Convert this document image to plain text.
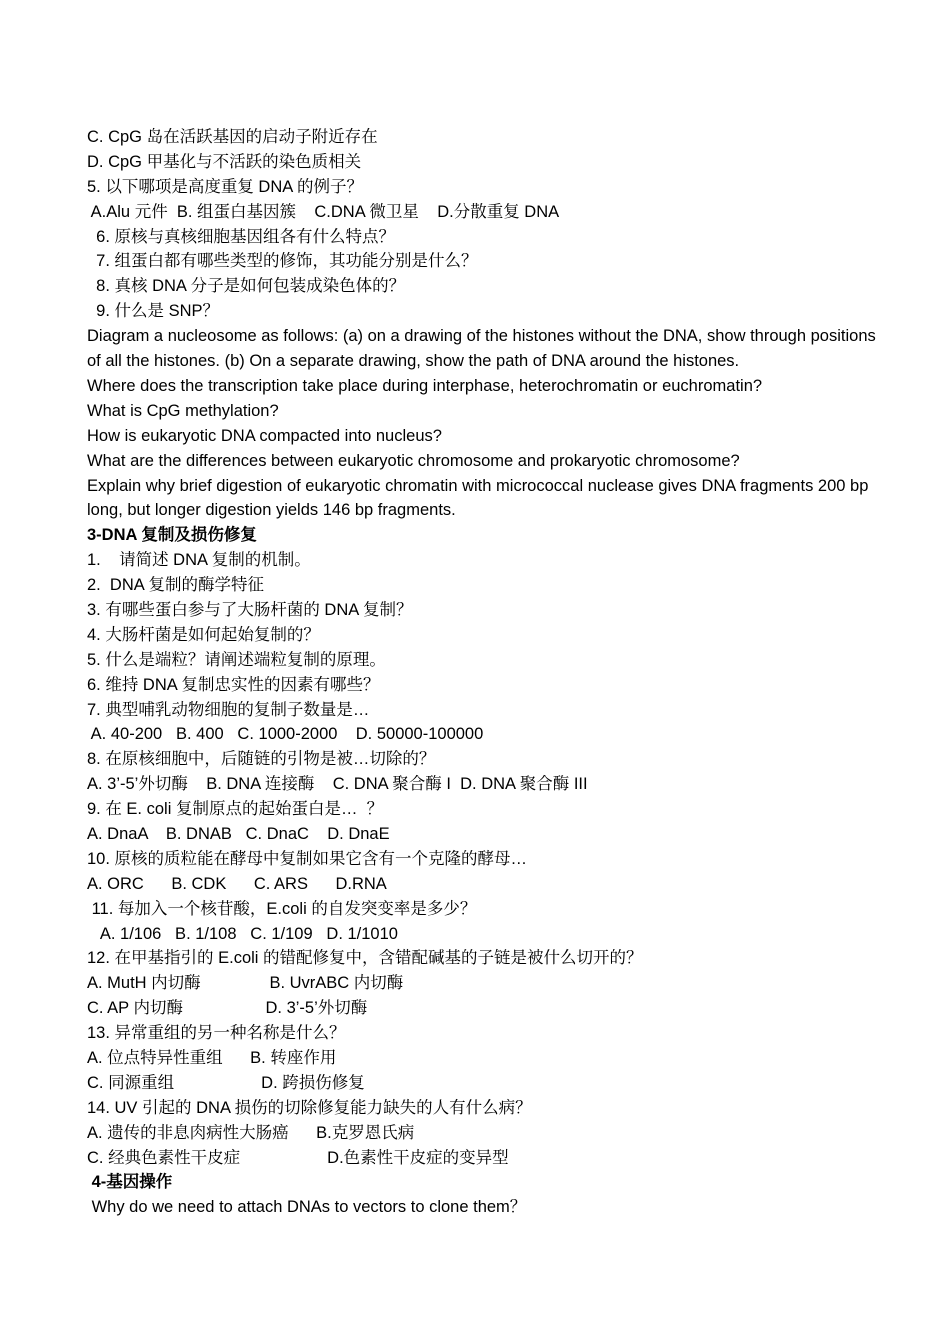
C. CpG 岛在活跃基因的启动子附近存在
D. CpG 甲基化与不活跃的染色质相关
5. 以下哪项是高度重复 DNA 的例子？
A.Alu 元件  B. 组蛋白基因簇    C.DNA 微卫星    D.分散重复 DNA
6. 原核与真核细胞基因组各有什么特点？
7. 组蛋白都有哪些类型的修饰，其功能分别是什么？
8. 真核 DNA 分子是如何包装成染色体的？
9. 什么是 SNP？
Diagram a nucleosome as follows: (a) on a drawing of the histones without the DNA, show through positions of all the histones. (b) On a separate drawing, show the path of DNA around the histones.
Where does the transcription take place during interphase, heterochromatin or euchromatin?
What is CpG methylation?
How is eukaryotic DNA compacted into nucleus?
What are the differences between eukaryotic chromosome and prokaryotic chromosome?
Explain why brief digestion of eukaryotic chromatin with micrococcal nuclease gives DNA fragments 200 bp long, but longer digestion yields 146 bp fragments.
3-DNA 复制及损伤修复
1.    请简述 DNA 复制的机制。
2.  DNA 复制的酶学特征
3. 有哪些蛋白参与了大肠杆菌的 DNA 复制？
4. 大肠杆菌是如何起始复制的？
5. 什么是端粒？请阐述端粒复制的原理。
6. 维持 DNA 复制忠实性的因素有哪些？
7. 典型哺乳动物细胞的复制子数量是…
A. 40-200   B. 400   C. 1000-2000    D. 50000-100000
8. 在原核细胞中，后随链的引物是被…切除的？
A. 3’-5’外切酶    B. DNA 连接酶    C. DNA 聚合酶 I  D. DNA 聚合酶 III
9. 在 E. coli 复制原点的起始蛋白是…  ？
A. DnaA    B. DNAB   C. DnaC    D. DnaE
10. 原核的质粒能在酵母中复制如果它含有一个克隆的酵母…
A. ORC      B. CDK      C. ARS      D.RNA
11. 每加入一个核苷酸，E.coli 的自发突变率是多少？
A. 1/106   B. 1/108   C. 1/109   D. 1/1010
12. 在甲基指引的 E.coli 的错配修复中，含错配碱基的子链是被什么切开的？
A. MutH 内切酶               B. UvrABC 内切酶
C. AP 内切酶                  D. 3’-5’外切酶
13. 异常重组的另一种名称是什么？
A. 位点特异性重组      B. 转座作用
C. 同源重组                   D. 跨损伤修复
14. UV 引起的 DNA 损伤的切除修复能力缺失的人有什么病？
A. 遗传的非息肉病性大肠癌      B.克罗恩氏病
C. 经典色素性干皮症                   D.色素性干皮症的变异型
4-基因操作
Why do we need to attach DNAs to vectors to clone them？
